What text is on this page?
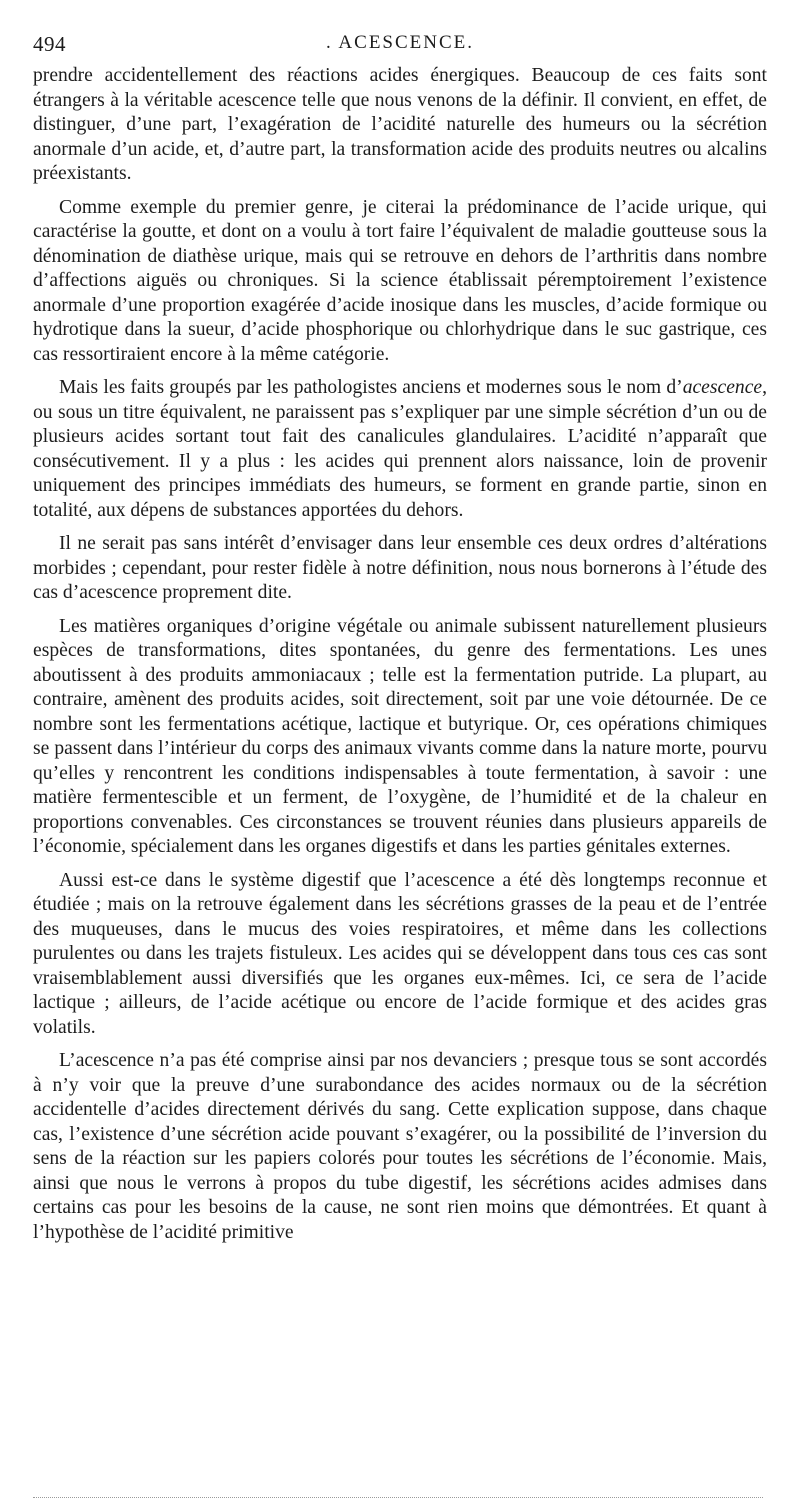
494	. ACESCENCE.

prendre accidentellement des réactions acides énergiques. Beaucoup de ces faits sont étrangers à la véritable acescence telle que nous venons de la définir. Il convient, en effet, de distinguer, d’une part, l’exagération de l’acidité naturelle des humeurs ou la sécrétion anormale d’un acide, et, d’autre part, la transformation acide des produits neutres ou alcalins préexistants.

Comme exemple du premier genre, je citerai la prédominance de l’acide urique, qui caractérise la goutte, et dont on a voulu à tort faire l’équivalent de maladie goutteuse sous la dénomination de diathèse urique, mais qui se retrouve en dehors de l’arthritis dans nombre d’affections aiguës ou chroniques. Si la science établissait péremptoirement l’existence anormale d’une proportion exagérée d’acide inosique dans les muscles, d’acide formique ou hydrotique dans la sueur, d’acide phosphorique ou chlorhydrique dans le suc gastrique, ces cas ressortiraient encore à la même catégorie.

Mais les faits groupés par les pathologistes anciens et modernes sous le nom d’acescence, ou sous un titre équivalent, ne paraissent pas s’expliquer par une simple sécrétion d’un ou de plusieurs acides sortant tout fait des canalicules glandulaires. L’acidité n’apparaît que consécutivement. Il y a plus : les acides qui prennent alors naissance, loin de provenir uniquement des principes immédiats des humeurs, se forment en grande partie, sinon en totalité, aux dépens de substances apportées du dehors.

Il ne serait pas sans intérêt d’envisager dans leur ensemble ces deux ordres d’altérations morbides ; cependant, pour rester fidèle à notre définition, nous nous bornerons à l’étude des cas d’acescence proprement dite.

Les matières organiques d’origine végétale ou animale subissent naturellement plusieurs espèces de transformations, dites spontanées, du genre des fermentations. Les unes aboutissent à des produits ammoniacaux ; telle est la fermentation putride. La plupart, au contraire, amènent des produits acides, soit directement, soit par une voie détournée. De ce nombre sont les fermentations acétique, lactique et butyrique. Or, ces opérations chimiques se passent dans l’intérieur du corps des animaux vivants comme dans la nature morte, pourvu qu’elles y rencontrent les conditions indispensables à toute fermentation, à savoir : une matière fermentescible et un ferment, de l’oxygène, de l’humidité et de la chaleur en proportions convenables. Ces circonstances se trouvent réunies dans plusieurs appareils de l’économie, spécialement dans les organes digestifs et dans les parties génitales externes.

Aussi est-ce dans le système digestif que l’acescence a été dès longtemps reconnue et étudiée ; mais on la retrouve également dans les sécrétions grasses de la peau et de l’entrée des muqueuses, dans le mucus des voies respiratoires, et même dans les collections purulentes ou dans les trajets fistuleux. Les acides qui se développent dans tous ces cas sont vraisemblablement aussi diversifiés que les organes eux-mêmes. Ici, ce sera de l’acide lactique ; ailleurs, de l’acide acétique ou encore de l’acide formique et des acides gras volatils.

L’acescence n’a pas été comprise ainsi par nos devanciers ; presque tous se sont accordés à n’y voir que la preuve d’une surabondance des acides normaux ou de la sécrétion accidentelle d’acides directement dérivés du sang. Cette explication suppose, dans chaque cas, l’existence d’une sécrétion acide pouvant s’exagérer, ou la possibilité de l’inversion du sens de la réaction sur les papiers colorés pour toutes les sécrétions de l’économie. Mais, ainsi que nous le verrons à propos du tube digestif, les sécrétions acides admises dans certains cas pour les besoins de la cause, ne sont rien moins que démontrées. Et quant à l’hypothèse de l’acidité primitive
